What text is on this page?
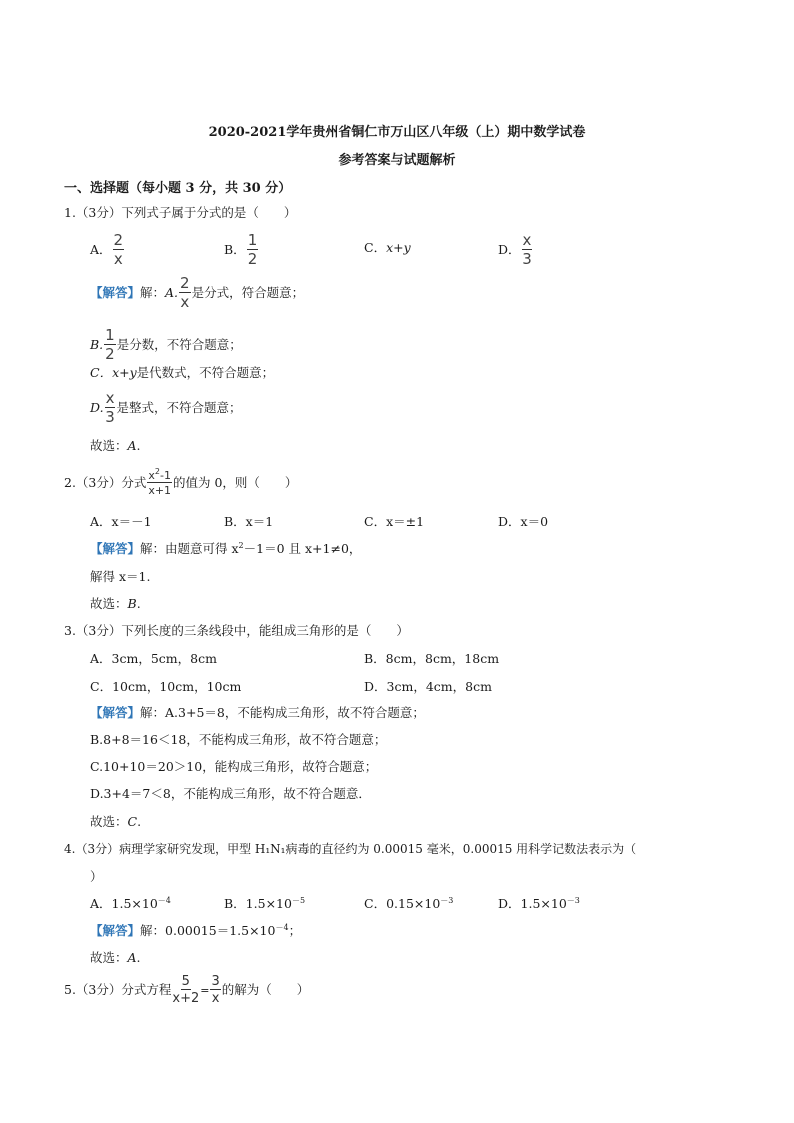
2020-2021学年贵州省铜仁市万山区八年级（上）期中数学试卷
参考答案与试题解析
一、选择题（每小题 3 分，共 30 分）
1.（3分）下列式子属于分式的是（　　）
A． $\frac{2}{x}$	B． $\frac{1}{2}$	C． x+y	D． $\frac{x}{3}$
【解答】 解： A. $\frac{2}{x}$ 是分式，符合题意；
B. $\frac{1}{2}$ 是分数，不符合题意；
C． x+y 是代数式，不符合题意；
D. $\frac{x}{3}$ 是整式，不符合题意；
故选：A.
2.（3分）分式 $\frac{x^2-1}{x+1}$ 的值为 0，则（　　）
A．x＝－1	B．x＝1	C．x＝±1	D．x＝0
【解答】解：由题意可得 $x^2-1=0$ 且 x+1≠0，
解得 x＝1.
故选：B.
3.（3分）下列长度的三条线段中，能组成三角形的是（　　）
A．3cm，5cm，8cm	B．8cm，8cm，18cm
C．10cm，10cm，10cm	D．3cm，4cm，8cm
【解答】解：A.3+5＝8，不能构成三角形，故不符合题意；
B.8+8＝16＜18，不能构成三角形，故不符合题意；
C.10+10＝20＞10，能构成三角形，故符合题意；
D.3+4＝7＜8，不能构成三角形，故不符合题意．
故选：C.
4.（3分）病理学家研究发现，甲型 H₁N₁病毒的直径约为 0.00015 毫米，0.00015 用科学记数法表示为（
）
A．$1.5\times 10^{-4}$	B．$1.5\times 10^{-5}$	C．$0.15\times 10^{-3}$	D．$1.5\times 10^{-3}$
【解答】解：$0.00015=1.5\times 10^{-4}$；
故选：A.
5.（3分）分式方程 $\frac{5}{x+2} = \frac{3}{x}$ 的解为（　　）
